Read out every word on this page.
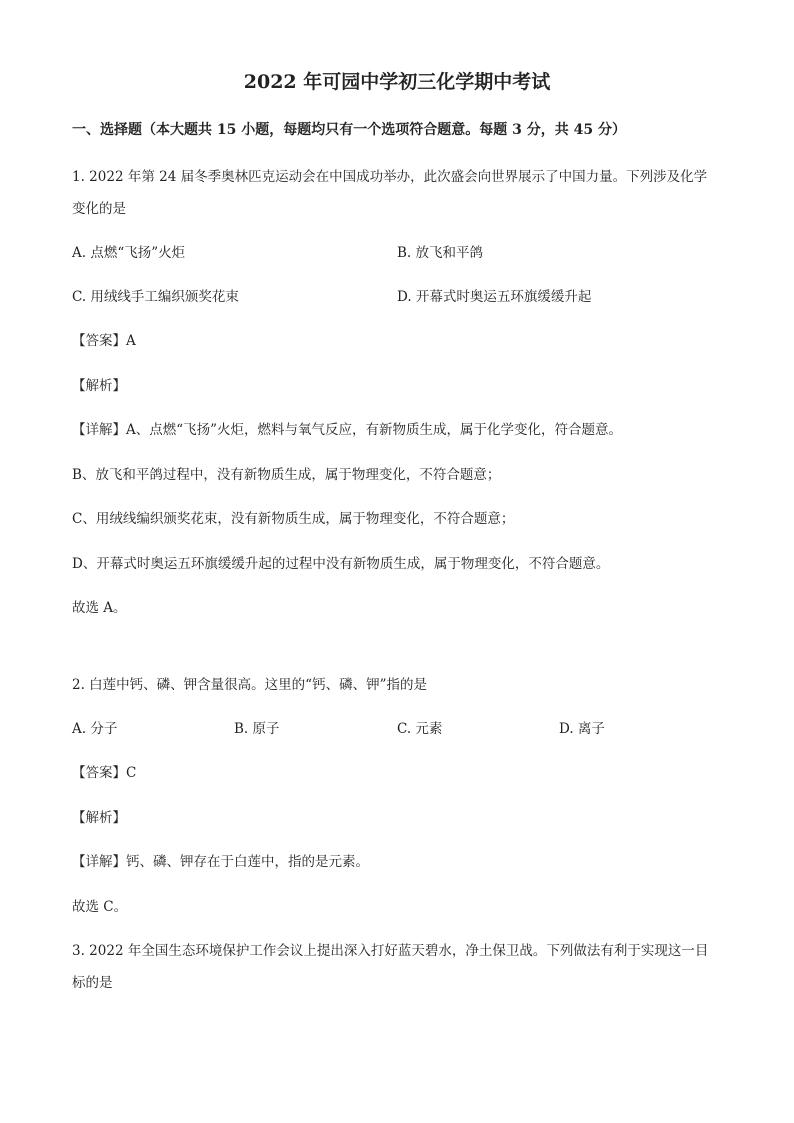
2022 年可园中学初三化学期中考试
一、选择题（本大题共 15 小题，每题均只有一个选项符合题意。每题 3 分，共 45 分）
1. 2022 年第 24 届冬季奥林匹克运动会在中国成功举办，此次盛会向世界展示了中国力量。下列涉及化学
变化的是
A. 点燃“飞扬”火炬	B. 放飞和平鸽
C. 用绒线手工编织颁奖花束	D. 开幕式时奥运五环旗缓缓升起
【答案】A
【解析】
【详解】A、点燃“飞扬”火炬，燃料与氧气反应，有新物质生成，属于化学变化，符合题意。
B、放飞和平鸽过程中，没有新物质生成，属于物理变化，不符合题意；
C、用绒线编织颁奖花束，没有新物质生成，属于物理变化，不符合题意；
D、开幕式时奥运五环旗缓缓升起的过程中没有新物质生成，属于物理变化，不符合题意。
故选 A。
2. 白莲中钙、磷、钾含量很高。这里的“钙、磷、钾”指的是
A. 分子	B. 原子	C. 元素	D. 离子
【答案】C
【解析】
【详解】钙、磷、钾存在于白莲中，指的是元素。
故选 C。
3. 2022 年全国生态环境保护工作会议上提出深入打好蓝天碧水，净土保卫战。下列做法有利于实现这一目
标的是
